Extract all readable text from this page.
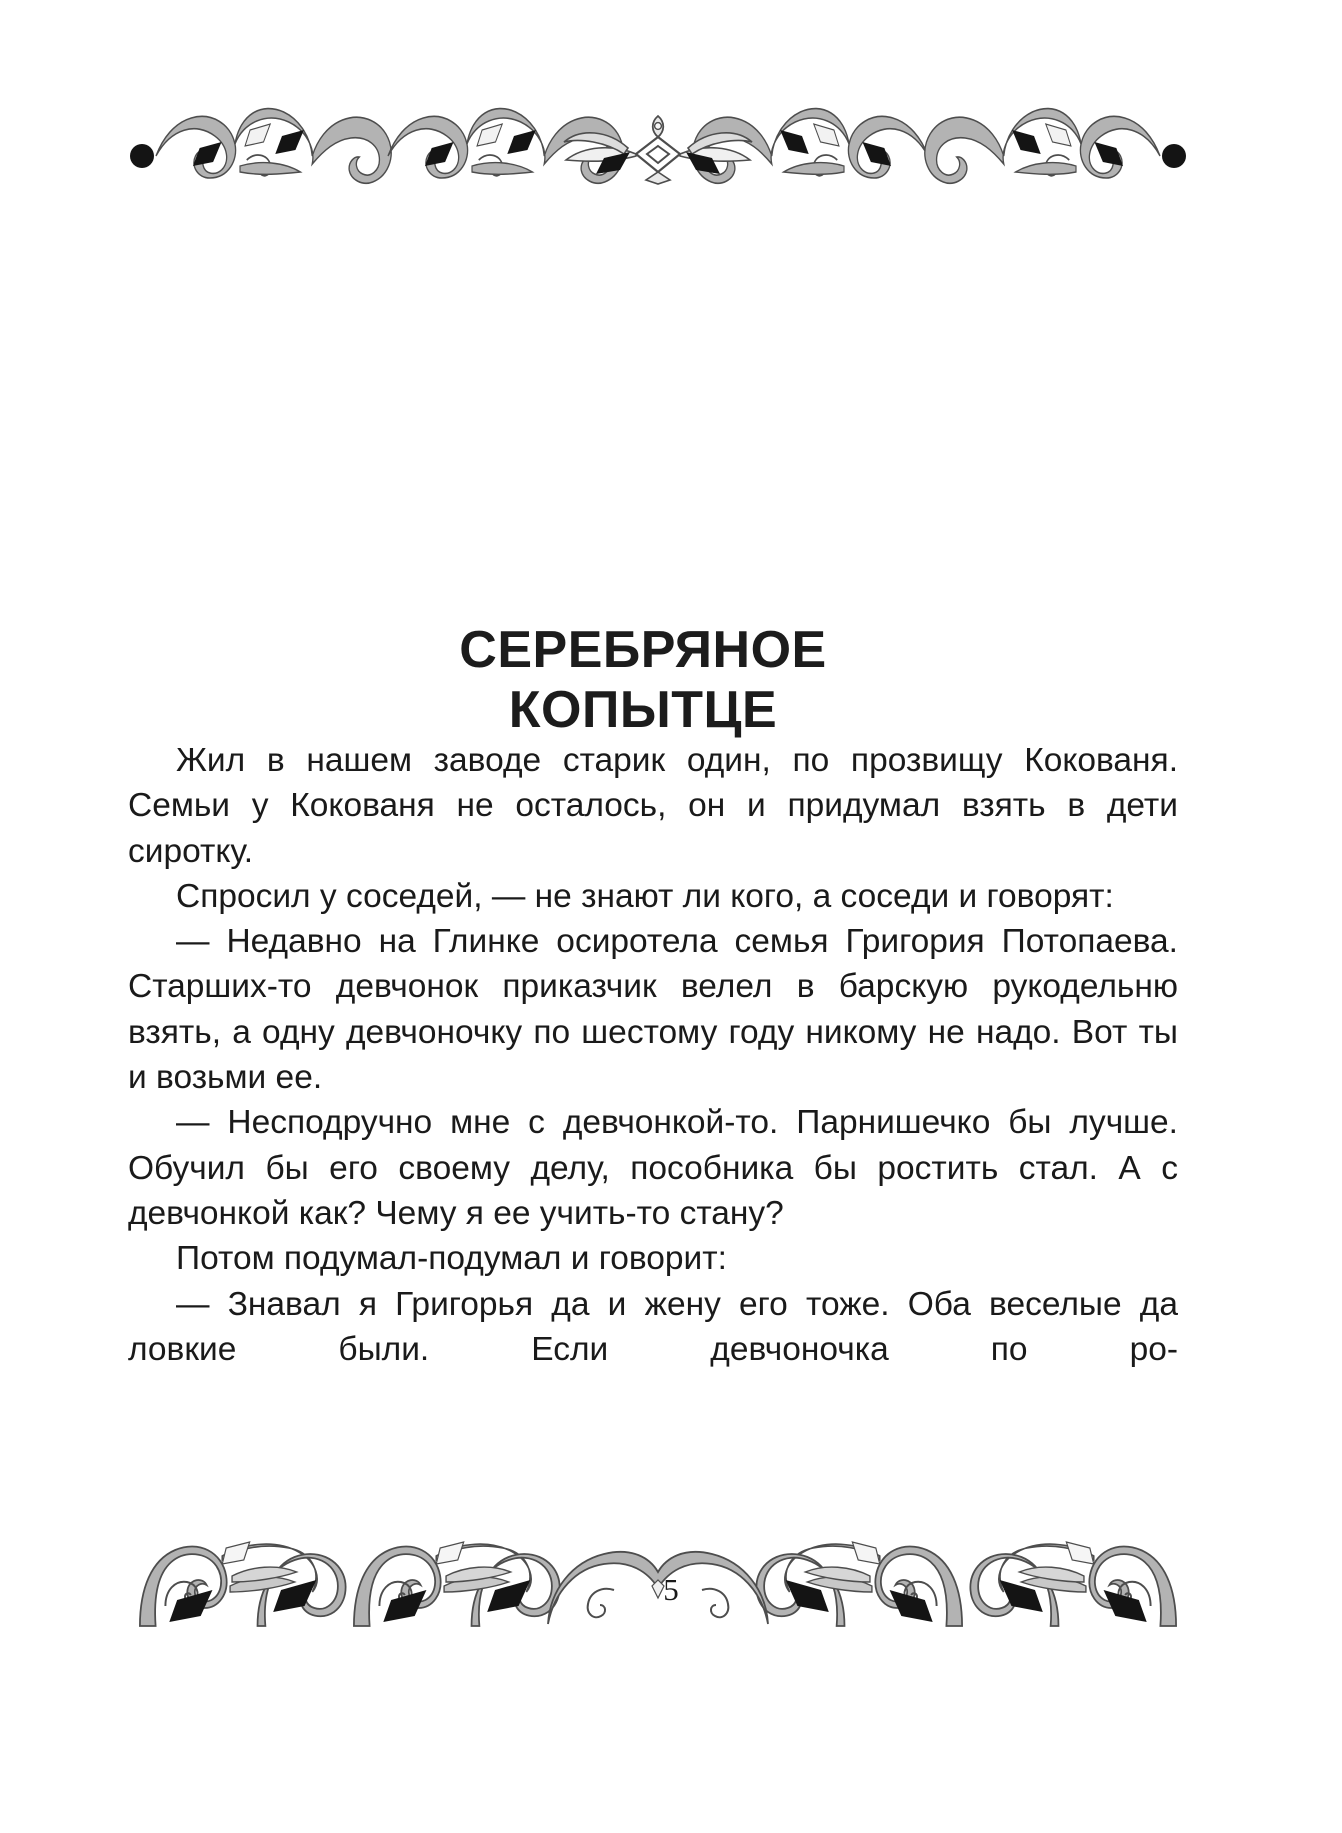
СЕРЕБРЯНОЕ
КОПЫТЦЕ

Жил в нашем заводе старик один, по прозвищу Кокованя. Семьи у Кокованя не осталось, он и придумал взять в дети сиротку.

Спросил у соседей, — не знают ли кого, а соседи и говорят:

— Недавно на Глинке осиротела семья Григория Потопаева. Старших-то девчонок приказчик велел в барскую рукодельню взять, а одну девчоночку по шестому году никому не надо. Вот ты и возьми ее.

— Несподручно мне с девчонкой-то. Парнишечко бы лучше. Обучил бы его своему делу, пособника бы ростить стал. А с девчонкой как? Чему я ее учить-то стану?

Потом подумал-подумал и говорит:

— Знавал я Григорья да и жену его тоже. Оба веселые да ловкие были. Если девчоночка по ро-

5
